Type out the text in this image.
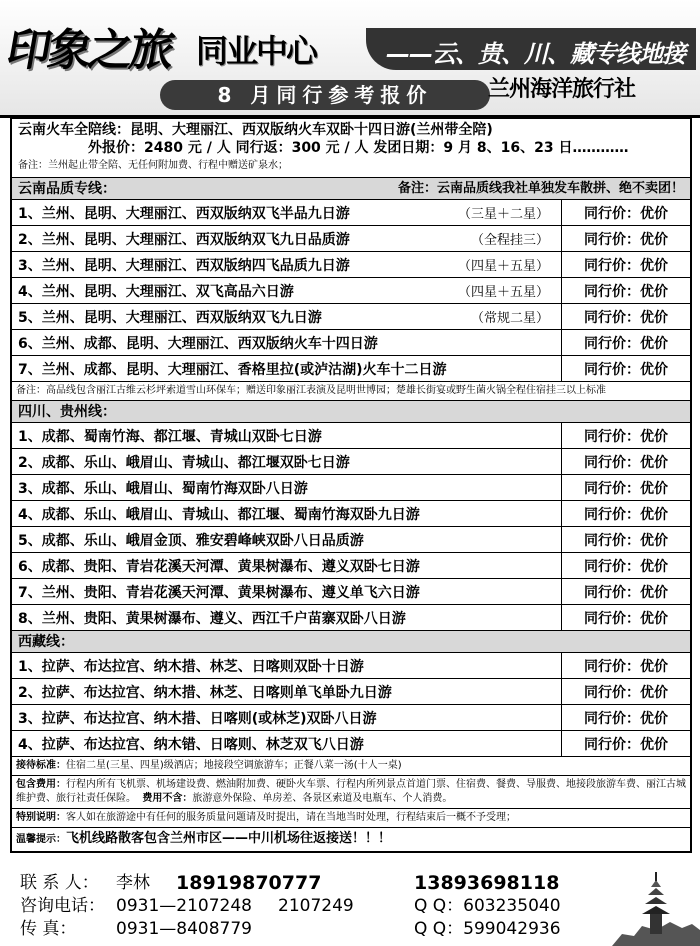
印象之旅 同业中心	——云、贵、川、藏专线地接
8 月同行参考报价	兰州海洋旅行社
云南火车全陪线：昆明、大理丽江、西双版纳火车双卧十四日游(兰州带全陪)
外报价：2480 元 / 人 同行返：300 元 / 人 发团日期：9 月 8、16、23 日…………
备注：兰州起止带全陪、无任何附加费、行程中赠送矿泉水；
云南品质专线：	备注：云南品质线我社单独发车散拼、绝不卖团！
1、兰州、昆明、大理丽江、西双版纳双飞半品九日游	（三星＋二星）	同行价：优价
2、兰州、昆明、大理丽江、西双版纳双飞九日品质游	（全程挂三）	同行价：优价
3、兰州、昆明、大理丽江、西双版纳四飞品质九日游	（四星＋五星）	同行价：优价
4、兰州、昆明、大理丽江、双飞高品六日游	（四星＋五星）	同行价：优价
5、兰州、昆明、大理丽江、西双版纳双飞九日游	（常规二星）	同行价：优价
6、兰州、成都、昆明、大理丽江、西双版纳火车十四日游	同行价：优价
7、兰州、成都、昆明、大理丽江、香格里拉(或泸沽湖)火车十二日游	同行价：优价
备注：高品线包含丽江古维云杉坪索道雪山环保车；赠送印象丽江表演及昆明世博园；楚雄长街宴或野生菌火锅全程住宿挂三以上标准
四川、贵州线：
1、成都、蜀南竹海、都江堰、青城山双卧七日游	同行价：优价
2、成都、乐山、峨眉山、青城山、都江堰双卧七日游	同行价：优价
3、成都、乐山、峨眉山、蜀南竹海双卧八日游	同行价：优价
4、成都、乐山、峨眉山、青城山、都江堰、蜀南竹海双卧九日游	同行价：优价
5、成都、乐山、峨眉金顶、雅安碧峰峡双卧八日品质游	同行价：优价
6、成都、贵阳、青岩花溪天河潭、黄果树瀑布、遵义双卧七日游	同行价：优价
7、兰州、贵阳、青岩花溪天河潭、黄果树瀑布、遵义单飞六日游	同行价：优价
8、兰州、贵阳、黄果树瀑布、遵义、西江千户苗寨双卧八日游	同行价：优价
西藏线：
1、拉萨、布达拉宫、纳木措、林芝、日喀则双卧十日游	同行价：优价
2、拉萨、布达拉宫、纳木措、林芝、日喀则单飞单卧九日游	同行价：优价
3、拉萨、布达拉宫、纳木措、日喀则(或林芝)双卧八日游	同行价：优价
4、拉萨、布达拉宫、纳木错、日喀则、林芝双飞八日游	同行价：优价
接待标准：住宿二星(三星、四星)级酒店；地接段空调旅游车；正餐八菜一汤(十人一桌)
包含费用：行程内所有飞机票、机场建设费、燃油附加费、硬卧火车票、行程内所列景点首道门票、住宿费、餐费、导服费、地接段旅游车费、丽江古城维护费、旅行社责任保险。 费用不含：旅游意外保险、单房差、各景区索道及电瓶车、个人消费。
特别说明：客人如在旅游途中有任何的服务质量问题请及时提出，请在当地当时处理，行程结束后一概不予受理；
温馨提示：飞机线路散客包含兰州市区——中川机场往返接送！！！
联 系 人：	李林	18919870777	13893698118
咨询电话： 0931—2107248	2107249	Q Q： 603235040
传 真：	0931—8408779	Q Q： 599042936
